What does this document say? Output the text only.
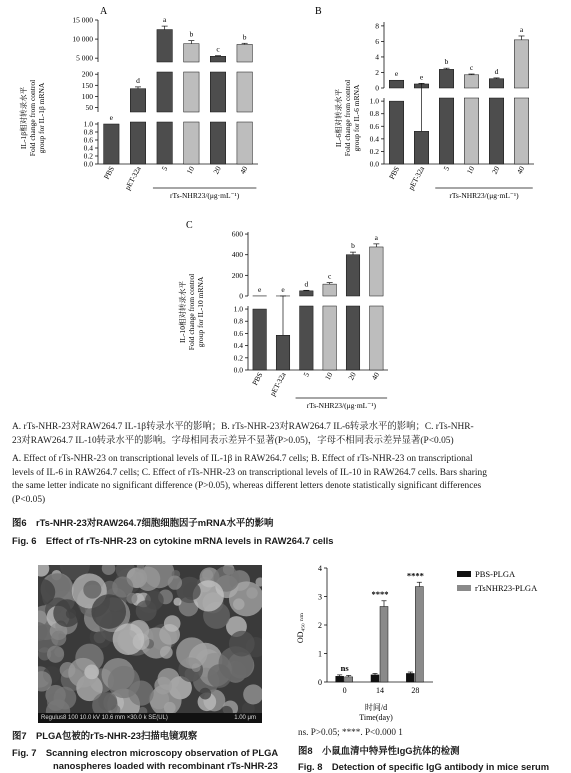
A
IL-1β相对转录水平 Fold change from control group for IL-1β mRNA
15 000
10 000
5 000
200
150
100
50
1.0
0.8
0.6
0.4
0.2
0.0
e
PBS
d
pET-32a
a
5
b
10
c
20
b
40
rTs-NHR23/(μg·mL⁻¹)
B
IL-6相对转录水平 Fold change from control group for IL-6 mRNA
8
6
4
2
0
1.0
0.8
0.6
0.4
0.2
0.0
e
PBS
e
pET-32a
b
5
c
10
d
20
a
40
rTs-NHR23/(μg·mL⁻¹)
C
IL-10相对转录水平 Fold change from control group for IL-10 mRNA
600
400
200
0
1.0
0.8
0.6
0.4
0.2
0.0
e
PBS
e
pET-32a
d
5
c
10
b
20
a
40
rTs-NHR23/(μg·mL⁻¹)
A. rTs-NHR-23对RAW264.7 IL-1β转录水平的影响；B. rTs-NHR-23对RAW264.7 IL-6转录水平的影响；C. rTs-NHR-
23对RAW264.7 IL-10转录水平的影响。字母相同表示差异不显著(P>0.05)，字母不相同表示差异显著(P<0.05)
A. Effect of rTs-NHR-23 on transcriptional levels of IL-1β in RAW264.7 cells; B. Effect of rTs-NHR-23 on transcriptional
levels of IL-6 in RAW264.7 cells; C. Effect of rTs-NHR-23 on transcriptional levels of IL-10 in RAW264.7 cells. Bars sharing
the same letter indicate no significant difference (P>0.05), whereas different letters denote statistically significant differences
(P<0.05)
图6　rTs-NHR-23对RAW264.7细胞细胞因子mRNA水平的影响
Fig. 6　Effect of rTs-NHR-23 on cytokine mRNA levels in RAW264.7 cells
Regulus8 100 10.0 kV 10.6 mm ×30.0 k SE(UL)	1.00 μm
图7　PLGA包被的rTs-NHR-23扫描电镜观察
Fig. 7　Scanning electron microscopy observation of PLGA
nanospheres loaded with recombinant rTs-NHR-23
OD₄₅₀ ₙₘ
时间/d
Time(day)
4
3
2
1
0
ns
0
****
14
****
28
PBS-PLGA
rTsNHR23-PLGA
ns. P>0.05; ****. P<0.000 1
图8　小鼠血清中特异性IgG抗体的检测
Fig. 8　Detection of specific IgG antibody in mice serum
